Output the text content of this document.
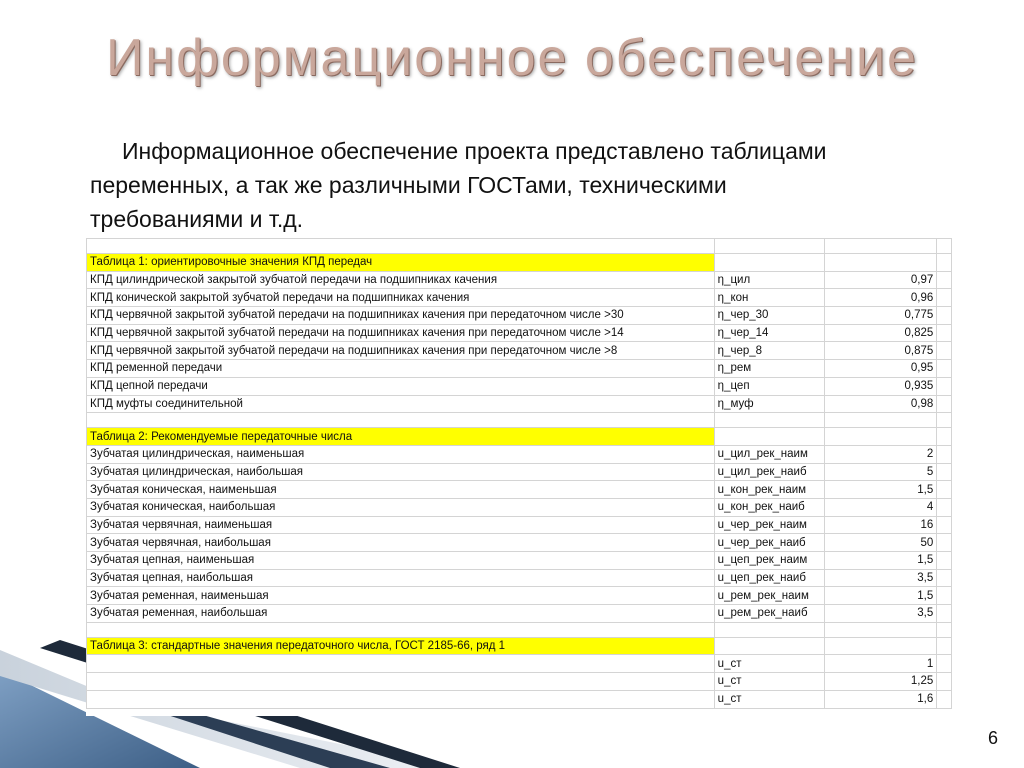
Информационное обеспечение
Информационное обеспечение проекта представлено таблицами переменных, а так же различными ГОСТами, техническими требованиями и т.д.

Таблица 1: ориентировочные значения КПД передач			
КПД цилиндрической закрытой зубчатой передачи на подшипниках качения	η_цил	0,97	
КПД конической закрытой зубчатой передачи на подшипниках качения	η_кон	0,96	
КПД червячной закрытой зубчатой передачи на подшипниках качения при передаточном числе >30	η_чер_30	0,775	
КПД червячной закрытой зубчатой передачи на подшипниках качения при передаточном числе >14	η_чер_14	0,825	
КПД червячной закрытой зубчатой передачи на подшипниках качения при передаточном числе >8	η_чер_8	0,875	
КПД ременной передачи	η_рем	0,95	
КПД цепной передачи	η_цеп	0,935	
КПД муфты соединительной	η_муф	0,98	

Таблица 2: Рекомендуемые передаточные числа			
Зубчатая цилиндрическая, наименьшая	u_цил_рек_наим	2	
Зубчатая цилиндрическая, наибольшая	u_цил_рек_наиб	5	
Зубчатая коническая, наименьшая	u_кон_рек_наим	1,5	
Зубчатая коническая, наибольшая	u_кон_рек_наиб	4	
Зубчатая червячная, наименьшая	u_чер_рек_наим	16	
Зубчатая червячная, наибольшая	u_чер_рек_наиб	50	
Зубчатая цепная, наименьшая	u_цеп_рек_наим	1,5	
Зубчатая цепная, наибольшая	u_цеп_рек_наиб	3,5	
Зубчатая ременная, наименьшая	u_рем_рек_наим	1,5	
Зубчатая ременная, наибольшая	u_рем_рек_наиб	3,5	

Таблица 3: стандартные значения передаточного числа, ГОСТ 2185-66, ряд 1			
	u_ст	1	
	u_ст	1,25	
	u_ст	1,6	
6
